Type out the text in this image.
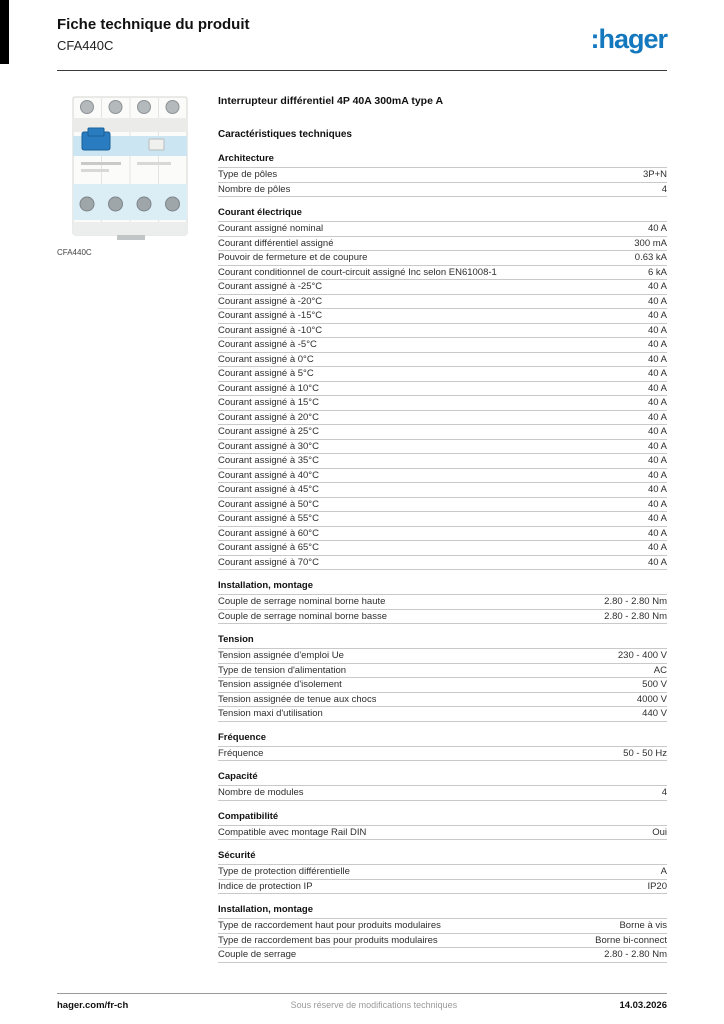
Fiche technique du produit
CFA440C	:hager
CFA440C
Interrupteur différentiel 4P 40A 300mA type A
Caractéristiques techniques
Architecture
Type de pôles	3P+N
Nombre de pôles	4
Courant électrique
Courant assigné nominal	40 A
Courant différentiel assigné	300 mA
Pouvoir de fermeture et de coupure	0.63 kA
Courant conditionnel de court-circuit assigné Inc selon EN61008-1	6 kA
Courant assigné à -25°C	40 A
Courant assigné à -20°C	40 A
Courant assigné à -15°C	40 A
Courant assigné à -10°C	40 A
Courant assigné à -5°C	40 A
Courant assigné à 0°C	40 A
Courant assigné à 5°C	40 A
Courant assigné à 10°C	40 A
Courant assigné à 15°C	40 A
Courant assigné à 20°C	40 A
Courant assigné à 25°C	40 A
Courant assigné à 30°C	40 A
Courant assigné à 35°C	40 A
Courant assigné à 40°C	40 A
Courant assigné à 45°C	40 A
Courant assigné à 50°C	40 A
Courant assigné à 55°C	40 A
Courant assigné à 60°C	40 A
Courant assigné à 65°C	40 A
Courant assigné à 70°C	40 A
Installation, montage
Couple de serrage nominal borne haute	2.80 - 2.80 Nm
Couple de serrage nominal borne basse	2.80 - 2.80 Nm
Tension
Tension assignée d'emploi Ue	230 - 400 V
Type de tension d'alimentation	AC
Tension assignée d'isolement	500 V
Tension assignée de tenue aux chocs	4000 V
Tension maxi d'utilisation	440 V
Fréquence
Fréquence	50 - 50 Hz
Capacité
Nombre de modules	4
Compatibilité
Compatible avec montage Rail DIN	Oui
Sécurité
Type de protection différentielle	A
Indice de protection IP	IP20
Installation, montage
Type de raccordement haut pour produits modulaires	Borne à vis
Type de raccordement bas pour produits modulaires	Borne bi-connect
Couple de serrage	2.80 - 2.80 Nm
hager.com/fr-ch	Sous réserve de modifications techniques	14.03.2026
